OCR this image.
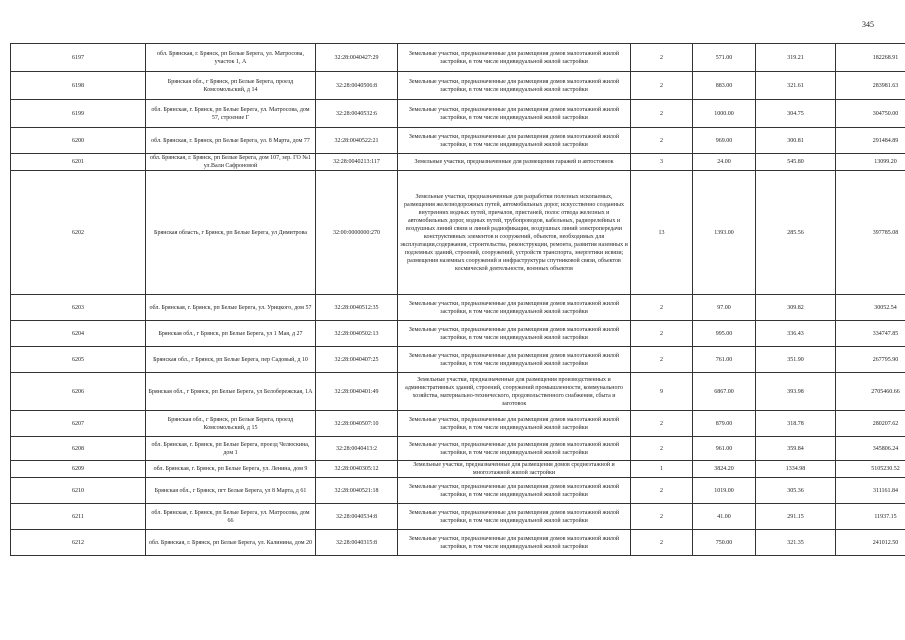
345
6197	обл. Брянская, г. Брянск, рп Белые Берега, ул. Матросова, участок 1, А	32:28:0040427:29	Земельные участки, предназначенные для размещения домов малоэтажной жилой застройки, в том числе индивидуальной жилой застройки	2	571.00	319.21	182268.91
6198	Брянская обл., г Брянск, рп Белые Берега, проезд Комсомольский, д 14	32:28:0040506:8	Земельные участки, предназначенные для размещения домов малоэтажной жилой застройки, в том числе индивидуальной жилой застройки	2	883.00	321.61	283981.63
6199	обл. Брянская, г. Брянск, рп Белые Берега, ул. Матросова, дом 57, строение Г	32:28:0040532:6	Земельные участки, предназначенные для размещения домов малоэтажной жилой застройки, в том числе индивидуальной жилой застройки	2	1000.00	304.75	304750.00
6200	обл. Брянская, г. Брянск, рп Белые Берега, ул. 8 Марта, дом 77	32:28:0040522:21	Земельные участки, предназначенные для размещения домов малоэтажной жилой застройки, в том числе индивидуальной жилой застройки	2	969.00	300.81	291484.89
6201	обл. Брянская, г. Брянск, рп Белые Берега, дом 107, зер. ГО №1 ул.Вали Сафроновой	32:28:0040213:117	Земельные участки, предназначенные для размещения гаражей и автостоянок	3	24.00	545.80	13099.20
6202	Брянская область, г Брянск, рп Белые Берега, ул Димитрова	32:00:0000000:270	Земельные участки, предназначенные для разработки полезных ископаемых, размещения железнодорожных путей, автомобильных дорог, искусственно созданных внутренних водных путей, причалов, пристаней, полос отвода железных и автомобильных дорог, водных путей, трубопроводов, кабельных, радиорелейных и воздушных линий связи и линий радиофикации, воздушных линий электропередачи конструктивных элементов и сооружений, объектов, необходимых для эксплуатации,содержания, строительства, реконструкции, ремонта, развития наземных и подземных зданий, строений, сооружений, устройств транспорта, энергетики исвязи; размещения наземных сооружений и инфраструктуры спутниковой связи, объектов космической деятельности, военных объектов	13	1393.00	285.56	397785.08
6203	обл. Брянская, г. Брянск, рп Белые Берега, ул. Урицкого, дом 57	32:28:0040512:35	Земельные участки, предназначенные для размещения домов малоэтажной жилой застройки, в том числе индивидуальной жилой застройки	2	97.00	309.82	30052.54
6204	Брянская обл., г Брянск, рп Белые Берега, ул 1 Мая, д 27	32:28:0040502:13	Земельные участки, предназначенные для размещения домов малоэтажной жилой застройки, в том числе индивидуальной жилой застройки	2	995.00	336.43	334747.85
6205	Брянская обл., г Брянск, рп Белые Берега, пер Садовый, д 10	32:28:0040407:25	Земельные участки, предназначенные для размещения домов малоэтажной жилой застройки, в том числе индивидуальной жилой застройки	2	761.00	351.90	267795.90
6206	Брянская обл., г Брянск, рп Белые Берега, ул Белобережская, 1А	32:28:0040401:49	Земельные участки, предназначенные для размещения производственных и административных зданий, строений, сооружений промышленности, коммунального хозяйства, материально-технического, продовольственного снабжения, сбыта и заготовок	9	6867.00	393.98	2705460.66
6207	Брянская обл., г Брянск, рп Белые Берега, проезд Комсомольский, д 15	32:28:0040507:10	Земельные участки, предназначенные для размещения домов малоэтажной жилой застройки, в том числе индивидуальной жилой застройки	2	879.00	318.78	280207.62
6208	обл. Брянская, г. Брянск, рп Белые Берега, проезд Челюскина, дом 1	32:28:0040413:2	Земельные участки, предназначенные для размещения домов малоэтажной жилой застройки, в том числе индивидуальной жилой застройки	2	961.00	359.84	345806.24
6209	обл. Брянская, г. Брянск, рп Белые Берега, ул. Ленина, дом 9	32:28:0040305:12	Земельные участки, предназначенные для размещения домов среднеэтажной и многоэтажной жилой застройки	1	3824.20	1334.98	5105230.52
6210	Брянская обл., г Брянск, пгт Белые Берега, ул 8 Марта, д 61	32:28:0040521:18	Земельные участки, предназначенные для размещения домов малоэтажной жилой застройки, в том числе индивидуальной жилой застройки	2	1019.00	305.36	311161.84
6211	обл. Брянская, г. Брянск, рп Белые Берега, ул. Матросова, дом 66	32:28:0040534:8	Земельные участки, предназначенные для размещения домов малоэтажной жилой застройки, в том числе индивидуальной жилой застройки	2	41.00	291.15	11937.15
6212	обл. Брянская, г. Брянск, рп Белые Берега, ул. Калинина, дом 20	32:28:0040315:8	Земельные участки, предназначенные для размещения домов малоэтажной жилой застройки, в том числе индивидуальной жилой застройки	2	750.00	321.35	241012.50
